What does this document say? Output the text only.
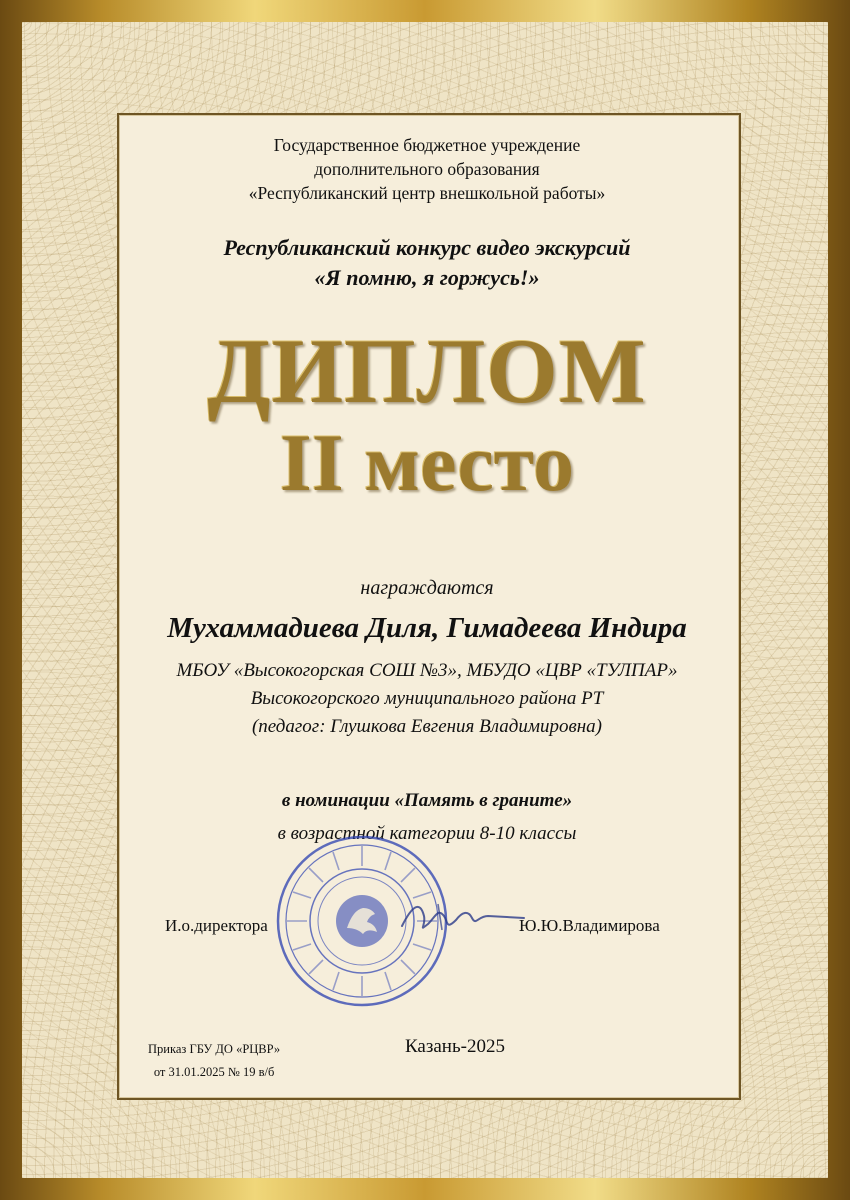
Государственное бюджетное учреждение
дополнительного образования
«Республиканский центр внешкольной работы»
Республиканский конкурс видео экскурсий
«Я помню, я горжусь!»
ДИПЛОМ
II место
награждаются
Мухаммадиева Диля, Гимадеева Индира
МБОУ «Высокогорская СОШ №3», МБУДО «ЦВР «ТУЛПАР»
Высокогорского муниципального района РТ
(педагог: Глушкова Евгения Владимировна)
в номинации «Память в граните»
в возрастной категории 8-10 классы
И.о.директора	Ю.Ю.Владимирова
Приказ ГБУ ДО «РЦВР»
от 31.01.2025 № 19 в/б
Казань-2025
